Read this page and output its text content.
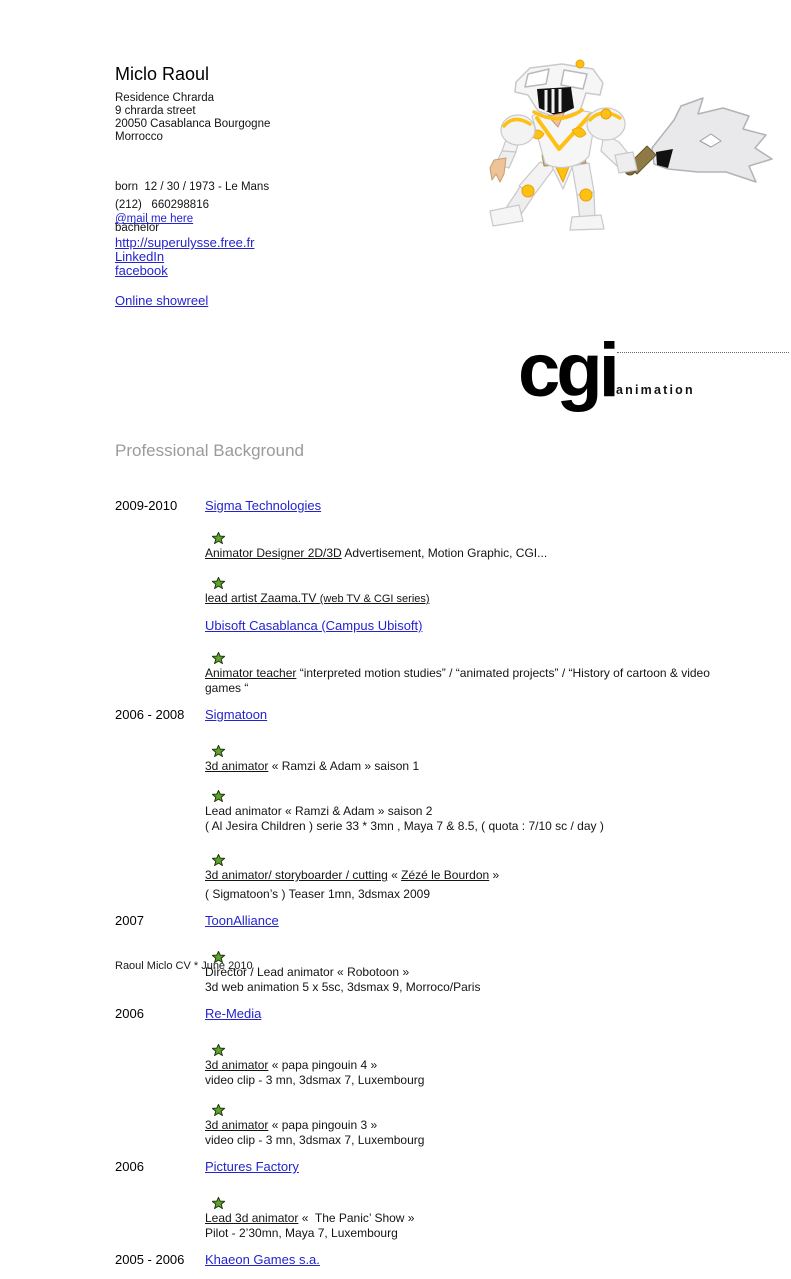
Miclo Raoul
Residence Chrarda
9 chrarda street
20050 Casablanca Bourgogne
Morrocco

born  12 / 30 / 1973 - Le Mans

bachelor

(212)   660298816
@mail me here
http://superulysse.free.fr
LinkedIn
facebook
Online showreel
cgi animation
Professional Background
2009-2010	Sigma Technologies

Animator Designer 2D/3D Advertisement, Motion Graphic, CGI...

lead artist Zaama.TV (web TV & CGI series)
Ubisoft Casablanca (Campus Ubisoft)

Animator teacher “interpreted motion studies” / “animated projects” / “History of cartoon & video games “
2006 - 2008	Sigmatoon

3d animator « Ramzi & Adam » saison 1

Lead animator « Ramzi & Adam » saison 2
( Al Jesira Children ) serie 33 * 3mn , Maya 7 & 8.5, ( quota : 7/10 sc / day )

3d animator/ storyboarder / cutting « Zézé le Bourdon »
( Sigmatoon’s ) Teaser 1mn, 3dsmax 2009
2007	ToonAlliance

Director / Lead animator « Robotoon »
3d web animation 5 x 5sc, 3dsmax 9, Morroco/Paris
2006	Re-Media

3d animator « papa pingouin 4 »
video clip - 3 mn, 3dsmax 7, Luxembourg

3d animator « papa pingouin 3 »
video clip - 3 mn, 3dsmax 7, Luxembourg
2006	Pictures Factory

Lead 3d animator «  The Panic’ Show »
Pilot - 2’30mn, Maya 7, Luxembourg
2005 - 2006	Khaeon Games s.a.
Raoul Miclo CV * June 2010
